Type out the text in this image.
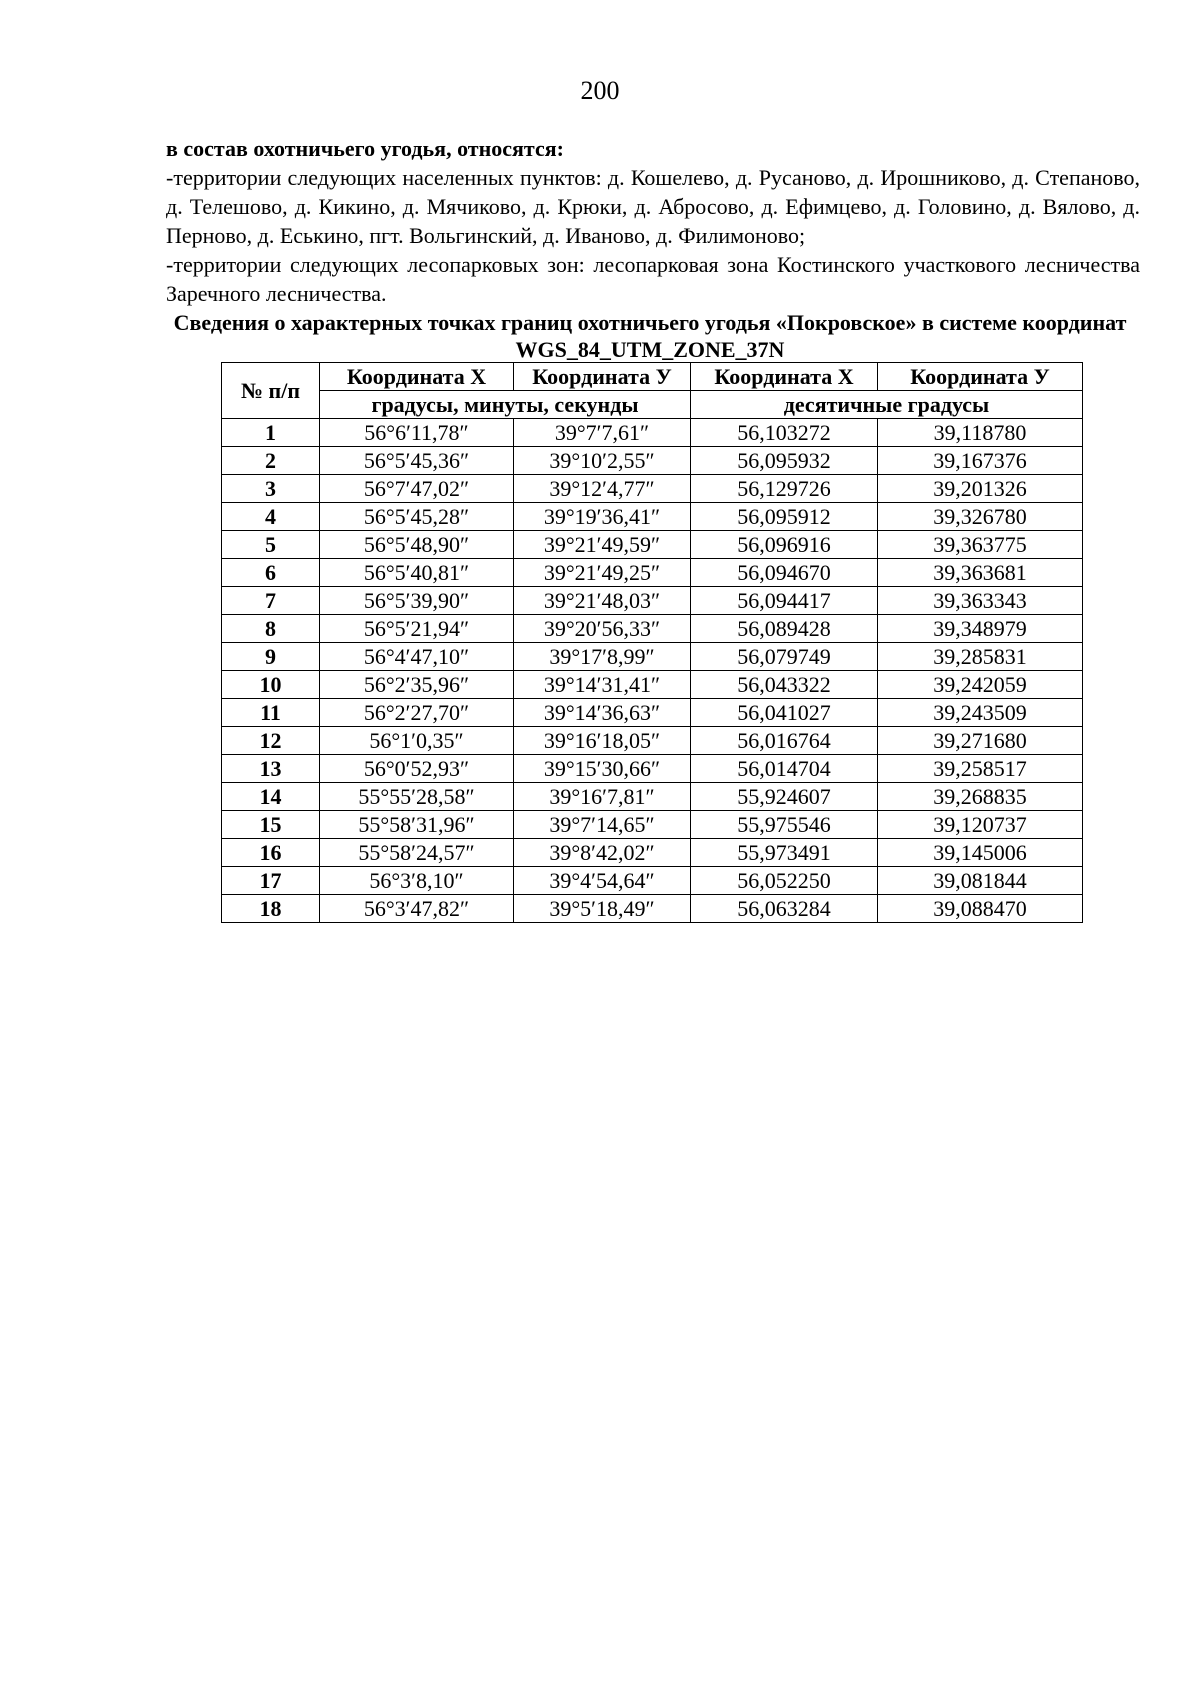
200
в состав охотничьего угодья, относятся:
-территории следующих населенных пунктов: д. Кошелево, д. Русаново, д. Ирошниково, д. Степаново, д. Телешово, д. Кикино, д. Мячиково, д. Крюки, д. Абросово, д. Ефимцево, д. Головино, д. Вялово, д. Перново, д. Еськино, пгт. Вольгинский, д. Иваново, д. Филимоново;
-территории следующих лесопарковых зон: лесопарковая зона Костинского участкового лесничества Заречного лесничества.
Сведения о характерных точках границ охотничьего угодья «Покровское» в системе координат WGS_84_UTM_ZONE_37N
№ п/п	Координата X	Координата У	Координата X	Координата У
	градусы, минуты, секунды		десятичные градусы	
1	56°6′11,78″	39°7′7,61″	56,103272	39,118780
2	56°5′45,36″	39°10′2,55″	56,095932	39,167376
3	56°7′47,02″	39°12′4,77″	56,129726	39,201326
4	56°5′45,28″	39°19′36,41″	56,095912	39,326780
5	56°5′48,90″	39°21′49,59″	56,096916	39,363775
6	56°5′40,81″	39°21′49,25″	56,094670	39,363681
7	56°5′39,90″	39°21′48,03″	56,094417	39,363343
8	56°5′21,94″	39°20′56,33″	56,089428	39,348979
9	56°4′47,10″	39°17′8,99″	56,079749	39,285831
10	56°2′35,96″	39°14′31,41″	56,043322	39,242059
11	56°2′27,70″	39°14′36,63″	56,041027	39,243509
12	56°1′0,35″	39°16′18,05″	56,016764	39,271680
13	56°0′52,93″	39°15′30,66″	56,014704	39,258517
14	55°55′28,58″	39°16′7,81″	55,924607	39,268835
15	55°58′31,96″	39°7′14,65″	55,975546	39,120737
16	55°58′24,57″	39°8′42,02″	55,973491	39,145006
17	56°3′8,10″	39°4′54,64″	56,052250	39,081844
18	56°3′47,82″	39°5′18,49″	56,063284	39,088470
